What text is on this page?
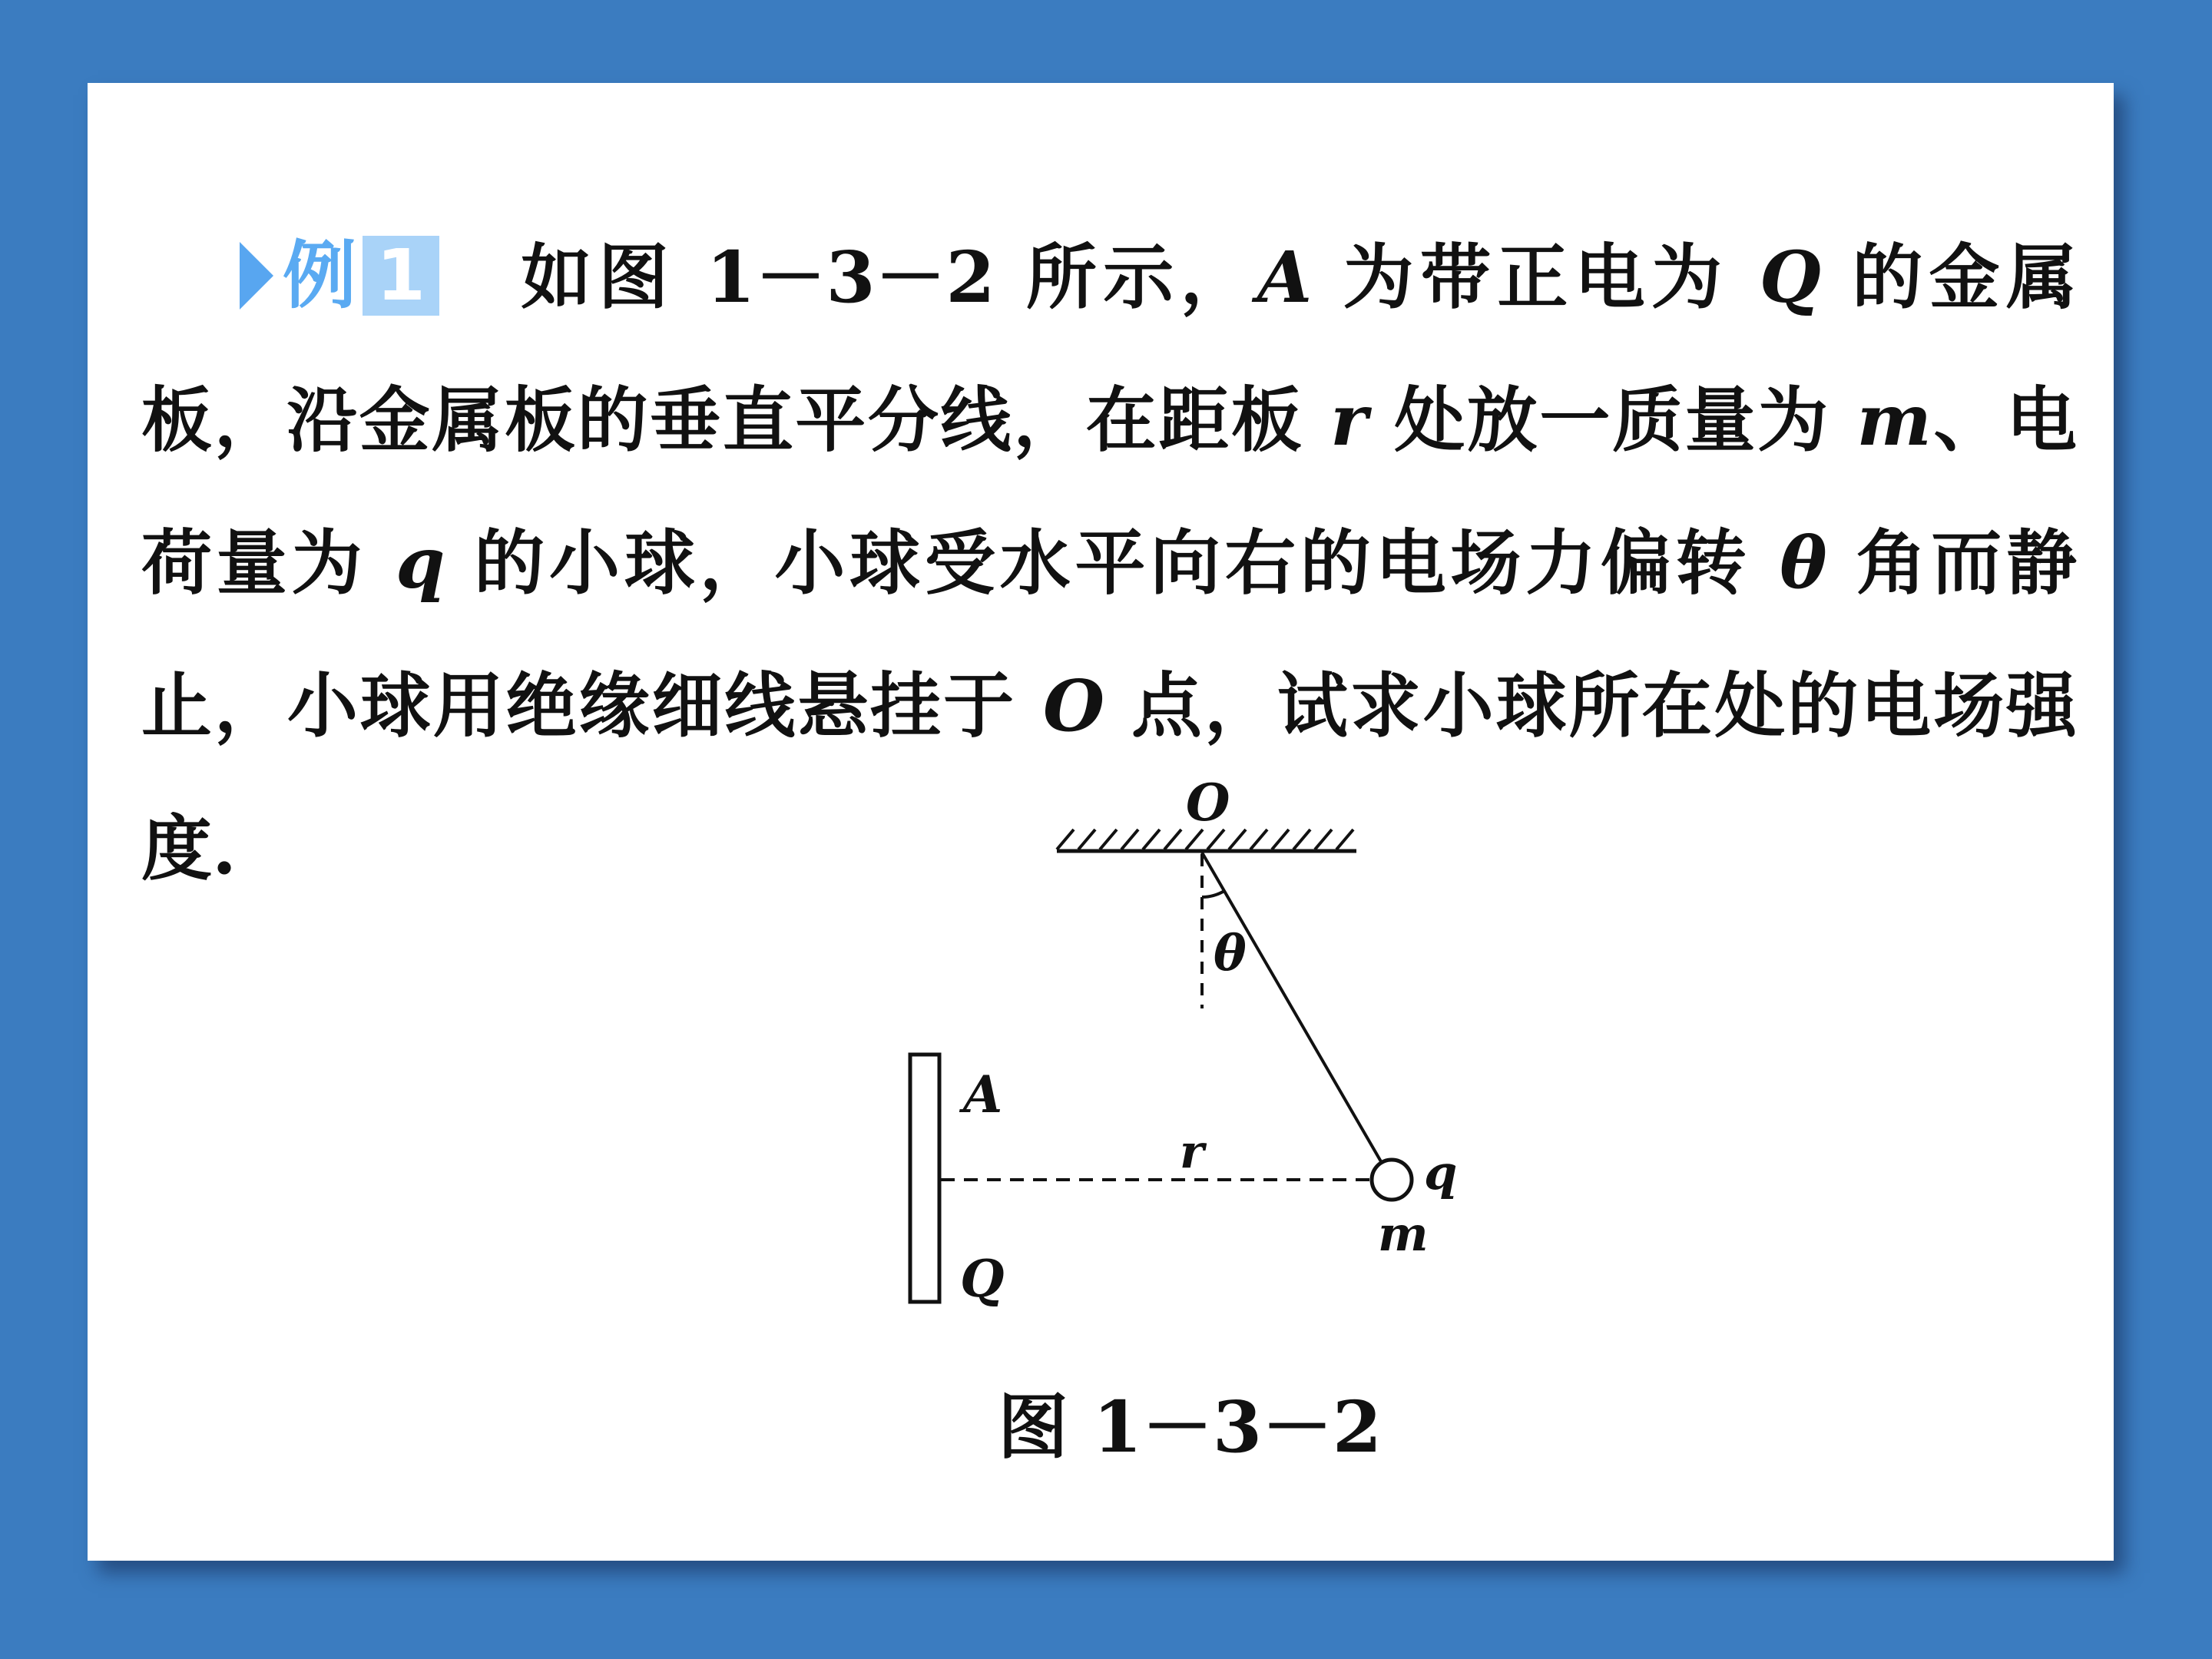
例 1 如图 1－3－2 所示，A 为带正电为 Q 的金属板，沿金属板的垂直平分线，在距板 r 处放一质量为 m、电荷量为 q 的小球，小球受水平向右的电场力偏转 θ 角而静止，小球用绝缘细线悬挂于 O 点，试求小球所在处的电场强度.

O
θ
A
Q
r	q
m
图 1－3－2
